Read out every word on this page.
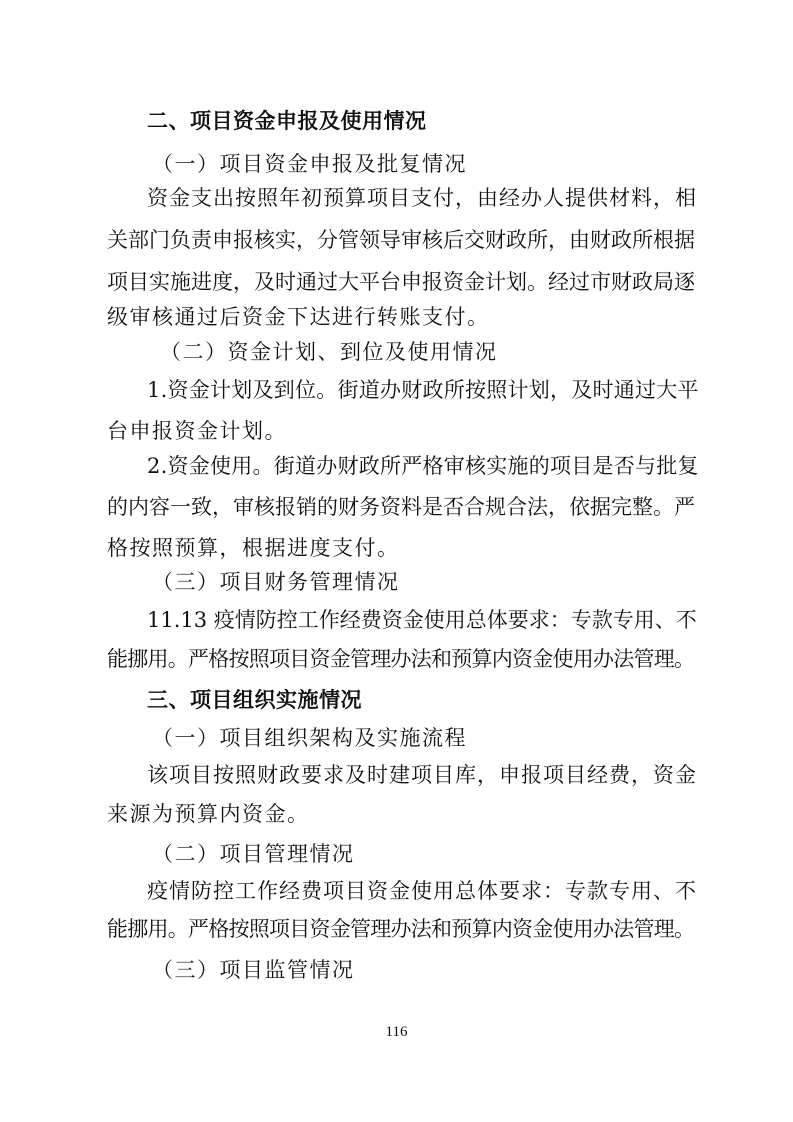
二、项目资金申报及使用情况
（一）项目资金申报及批复情况
资金支出按照年初预算项目支付，由经办人提供材料，相
关部门负责申报核实，分管领导审核后交财政所，由财政所根据
项目实施进度，及时通过大平台申报资金计划。经过市财政局逐
级审核通过后资金下达进行转账支付。
（二）资金计划、到位及使用情况
1.资金计划及到位。街道办财政所按照计划，及时通过大平
台申报资金计划。
2.资金使用。街道办财政所严格审核实施的项目是否与批复
的内容一致，审核报销的财务资料是否合规合法，依据完整。严
格按照预算，根据进度支付。
（三）项目财务管理情况
11.13 疫情防控工作经费资金使用总体要求：专款专用、不
能挪用。严格按照项目资金管理办法和预算内资金使用办法管理。
三、项目组织实施情况
（一）项目组织架构及实施流程
该项目按照财政要求及时建项目库，申报项目经费，资金
来源为预算内资金。
（二）项目管理情况
疫情防控工作经费项目资金使用总体要求：专款专用、不
能挪用。严格按照项目资金管理办法和预算内资金使用办法管理。
（三）项目监管情况
116
